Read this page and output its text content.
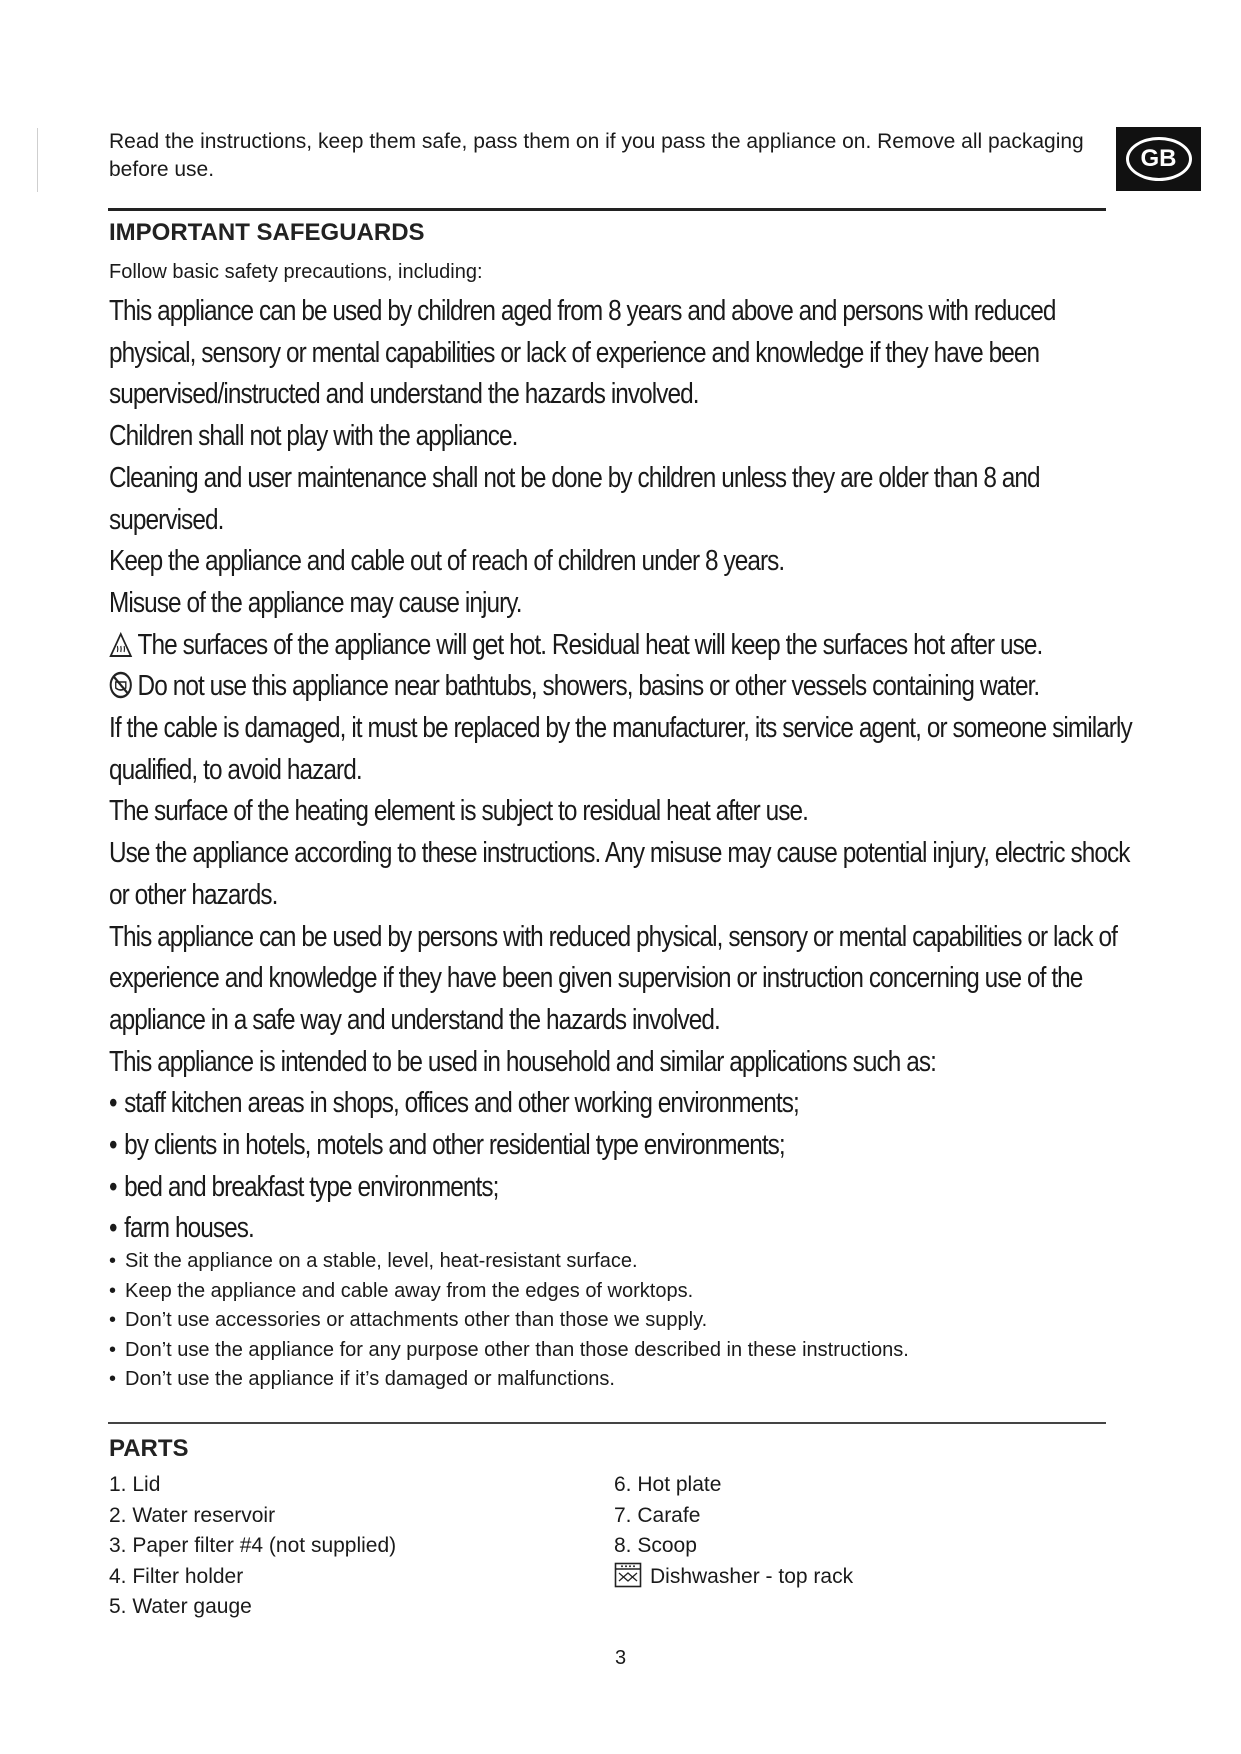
Read the instructions, keep them safe, pass them on if you pass the appliance on. Remove all packaging before use.	GB
IMPORTANT SAFEGUARDS
Follow basic safety precautions, including:

This appliance can be used by children aged from 8 years and above and persons with reduced physical, sensory or mental capabilities or lack of experience and knowledge if they have been supervised/instructed and understand the hazards involved.

Children shall not play with the appliance.

Cleaning and user maintenance shall not be done by children unless they are older than 8 and supervised.

Keep the appliance and cable out of reach of children under 8 years.

Misuse of the appliance may cause injury.

The surfaces of the appliance will get hot. Residual heat will keep the surfaces hot after use.

Do not use this appliance near bathtubs, showers, basins or other vessels containing water.

If the cable is damaged, it must be replaced by the manufacturer, its service agent, or someone similarly qualified, to avoid hazard.

The surface of the heating element is subject to residual heat after use.

Use the appliance according to these instructions. Any misuse may cause potential injury, electric shock or other hazards.

This appliance can be used by persons with reduced physical, sensory or mental capabilities or lack of experience and knowledge if they have been given supervision or instruction concerning use of the appliance in a safe way and understand the hazards involved.

This appliance is intended to be used in household and similar applications such as:

• staff kitchen areas in shops, offices and other working environments;

• by clients in hotels, motels and other residential type environments;

• bed and breakfast type environments;

• farm houses.

• Sit the appliance on a stable, level, heat-resistant surface.

• Keep the appliance and cable away from the edges of worktops.

• Don’t use accessories or attachments other than those we supply.

• Don’t use the appliance for any purpose other than those described in these instructions.

• Don’t use the appliance if it’s damaged or malfunctions.

PARTS

1. Lid

2. Water reservoir

3. Paper filter #4 (not supplied)

4. Filter holder

5. Water gauge

6. Hot plate

7. Carafe

8. Scoop

Dishwasher - top rack

3
